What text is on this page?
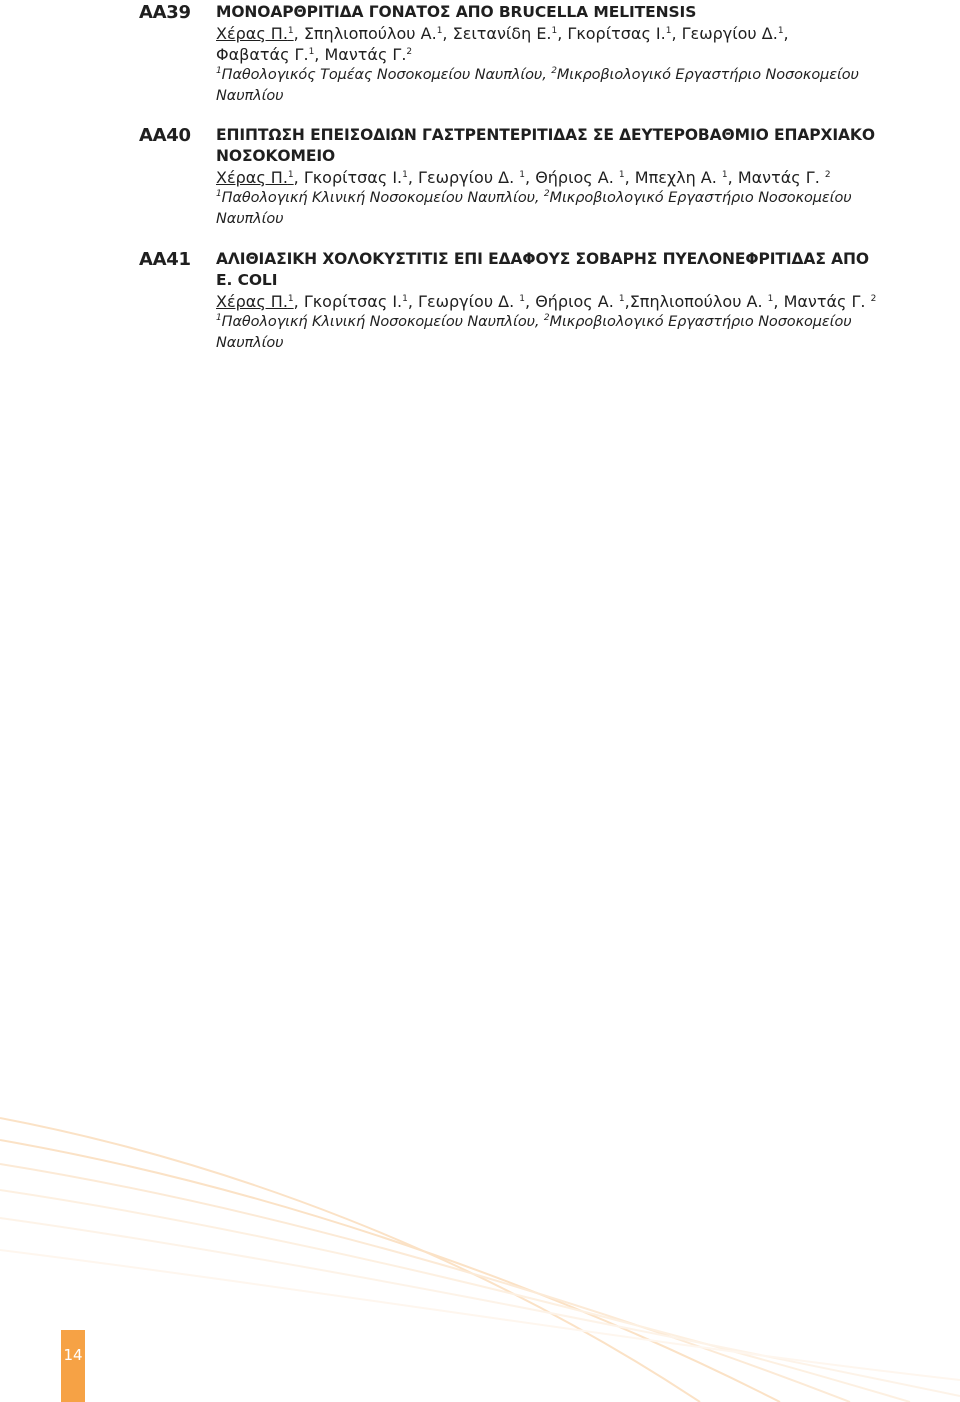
ΑΑ39 ΜΟΝΟΑΡΘΡΙΤΙΔΑ ΓΟΝΑΤΟΣ ΑΠΟ BRUCELLA MELITENSIS
Χέρας Π.$^1$, Σπηλιοπούλου Α.$^1$, Σειτανίδη Ε.$^1$, Γκορίτσας Ι.$^1$, Γεωργίου Δ.$^1$,
Φαβατάς Γ.$^1$, Μαντάς Γ.$^2$
$^1$Παθολογικός Τομέας Νοσοκομείου Ναυπλίου, $^2$Μικροβιολογικό Εργαστήριο Νοσοκομείου
Ναυπλίου
ΑΑ40 ΕΠΙΠΤΩΣΗ ΕΠΕΙΣΟΔΙΩΝ ΓΑΣΤΡΕΝΤΕΡΙΤΙΔΑΣ ΣΕ ΔΕΥΤΕΡΟΒΑΘΜΙΟ ΕΠΑΡΧΙΑΚΟ
ΝΟΣΟΚΟΜΕΙΟ
Χέρας Π.$^1$, Γκορίτσας Ι.$^1$, Γεωργίου Δ. $^1$, Θήριος Α. $^1$, Μπεχλη Α. $^1$, Μαντάς Γ. $^2$
$^1$Παθολογική Κλινική Νοσοκομείου Ναυπλίου, $^2$Μικροβιολογικό Εργαστήριο Νοσοκομείου
Ναυπλίου
ΑΑ41 ΑΛΙΘΙΑΣΙΚΗ ΧΟΛΟΚΥΣΤΙΤΙΣ ΕΠΙ ΕΔΑΦΟΥΣ ΣΟΒΑΡΗΣ ΠΥΕΛΟΝΕΦΡΙΤΙΔΑΣ ΑΠΟ
E. COLI
Χέρας Π.$^1$, Γκορίτσας Ι.$^1$, Γεωργίου Δ. $^1$, Θήριος Α. $^1$,Σπηλιοπούλου Α. $^1$, Μαντάς Γ. $^2$
$^1$Παθολογική Κλινική Νοσοκομείου Ναυπλίου, $^2$Μικροβιολογικό Εργαστήριο Νοσοκομείου
Ναυπλίου
14
